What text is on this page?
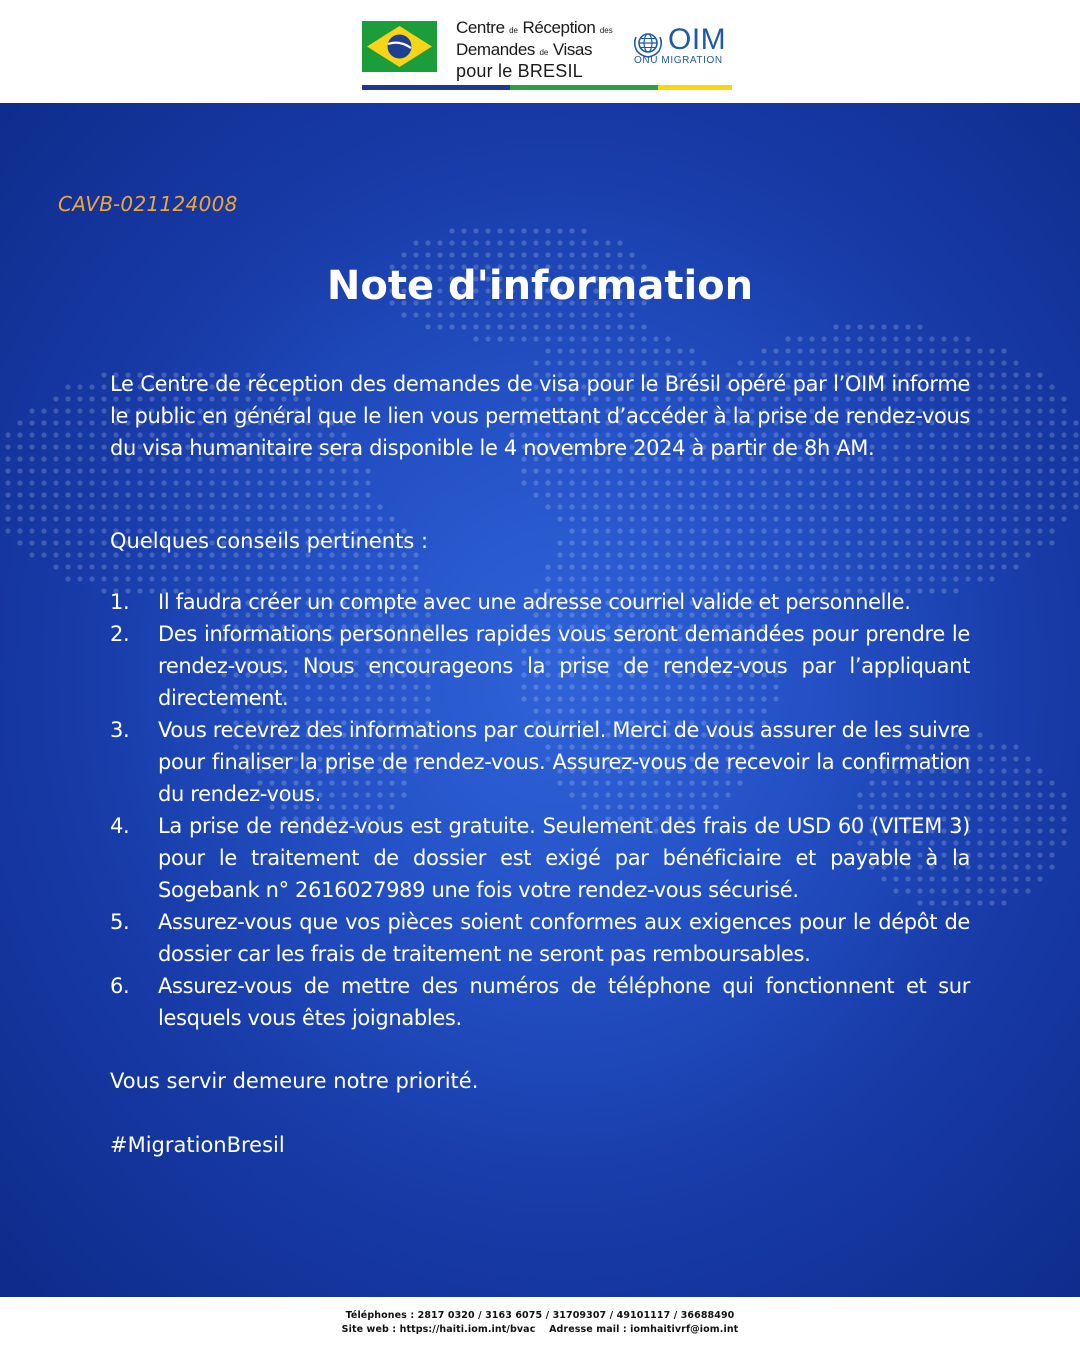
Centre de Réception des
Demandes de Visas
pour le BRESIL
OIM
ONU MIGRATION
CAVB-021124008
Note d'information

Le Centre de réception des demandes de visa pour le Brésil opéré par l’OIM informe le public en général que le lien vous permettant d’accéder à la prise de rendez-vous du visa humanitaire sera disponible le 4 novembre 2024 à partir de 8h AM.

Quelques conseils pertinents :

1. Il faudra créer un compte avec une adresse courriel valide et personnelle.
2. Des informations personnelles rapides vous seront demandées pour prendre le rendez-vous. Nous encourageons la prise de rendez-vous par l’appliquant directement.
3. Vous recevrez des informations par courriel. Merci de vous assurer de les suivre pour finaliser la prise de rendez-vous. Assurez-vous de recevoir la confirmation du rendez-vous.
4. La prise de rendez-vous est gratuite. Seulement des frais de USD 60 (VITEM 3) pour le traitement de dossier est exigé par bénéficiaire et payable à la Sogebank n° 2616027989 une fois votre rendez-vous sécurisé.
5. Assurez-vous que vos pièces soient conformes aux exigences pour le dépôt de dossier car les frais de traitement ne seront pas remboursables.
6. Assurez-vous de mettre des numéros de téléphone qui fonctionnent et sur lesquels vous êtes joignables.

Vous servir demeure notre priorité.

#MigrationBresil

Téléphones : 2817 0320 / 3163 6075 / 31709307 / 49101117 / 36688490
Site web : https://haiti.iom.int/bvac Adresse mail : iomhaitivrf@iom.int
